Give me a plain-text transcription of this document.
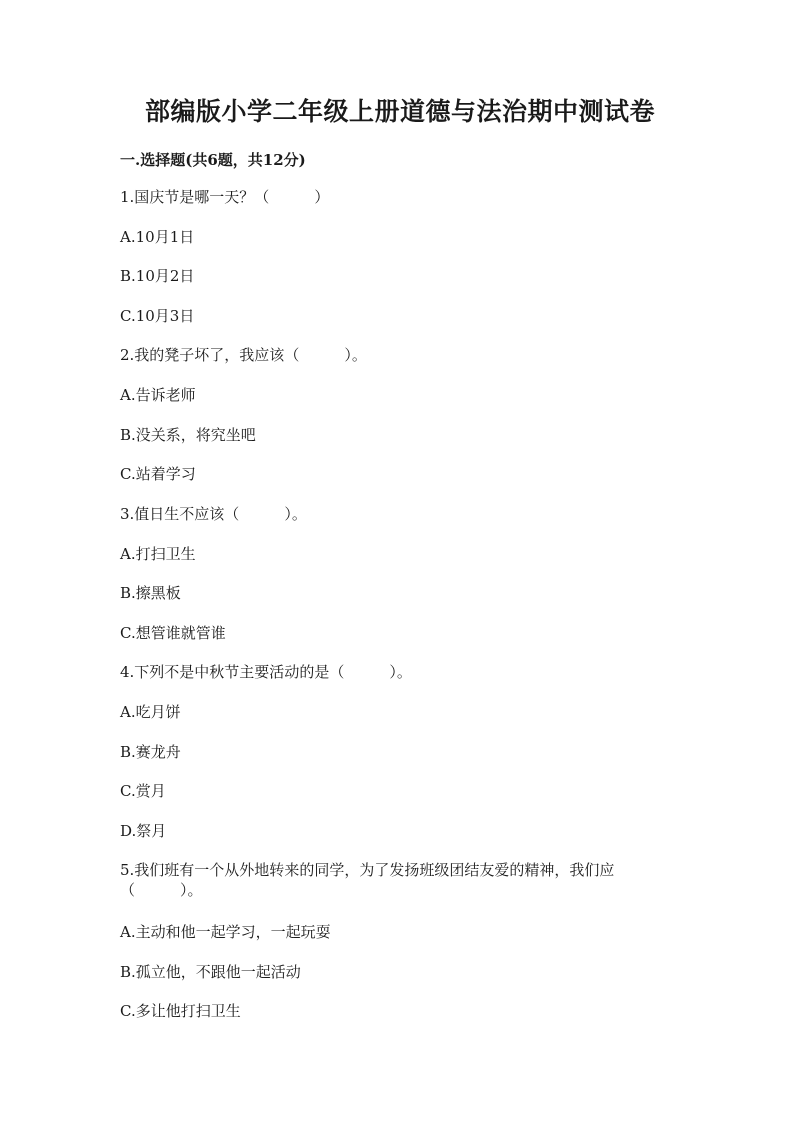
部编版小学二年级上册道德与法治期中测试卷
一.选择题(共6题，共12分)
1.国庆节是哪一天？（　　　）
A.10月1日
B.10月2日
C.10月3日
2.我的凳子坏了，我应该（　　　）。
A.告诉老师
B.没关系，将究坐吧
C.站着学习
3.值日生不应该（　　　）。
A.打扫卫生
B.擦黑板
C.想管谁就管谁
4.下列不是中秋节主要活动的是（　　　）。
A.吃月饼
B.赛龙舟
C.赏月
D.祭月
5.我们班有一个从外地转来的同学，为了发扬班级团结友爱的精神，我们应（　　　）。
A.主动和他一起学习，一起玩耍
B.孤立他，不跟他一起活动
C.多让他打扫卫生
